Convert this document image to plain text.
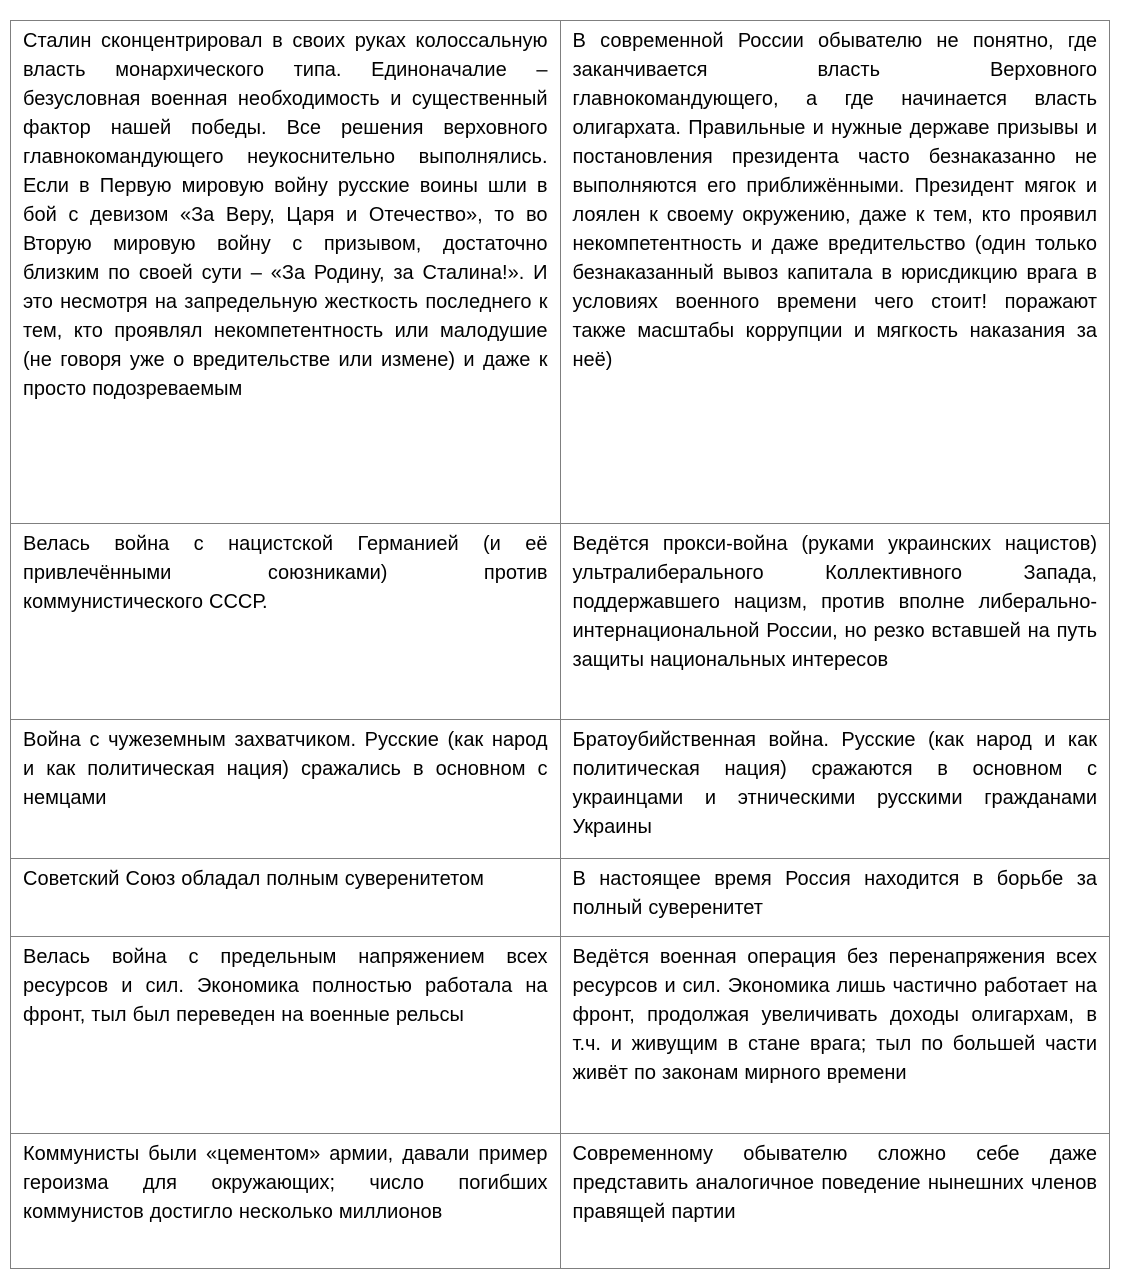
Сталин сконцентрировал в своих руках колоссальную власть монархического типа. Единоначалие – безусловная военная необходимость и существенный фактор нашей победы. Все решения верховного главнокомандующего неукоснительно выполнялись. Если в Первую мировую войну русские воины шли в бой с девизом «За Веру, Царя и Отечество», то во Вторую мировую войну с призывом, достаточно близким по своей сути – «За Родину, за Сталина!». И это несмотря на запредельную жесткость последнего к тем, кто проявлял некомпетентность или малодушие (не говоря уже о вредительстве или измене) и даже к просто подозреваемым	В современной России обывателю не понятно, где заканчивается власть Верховного главнокомандующего, а где начинается власть олигархата. Правильные и нужные державе призывы и постановления президента часто безнаказанно не выполняются его приближёнными. Президент мягок и лоялен к своему окружению, даже к тем, кто проявил некомпетентность и даже вредительство (один только безнаказанный вывоз капитала в юрисдикцию врага в условиях военного времени чего стоит! поражают также масштабы коррупции и мягкость наказания за неё)
Велась война с нацистской Германией (и её привлечёнными союзниками) против коммунистического СССР.	Ведётся прокси-война (руками украинских нацистов) ультралиберального Коллективного Запада, поддержавшего нацизм, против вполне либерально-интернациональной России, но резко вставшей на путь защиты национальных интересов
Война с чужеземным захватчиком. Русские (как народ и как политическая нация) сражались в основном с немцами	Братоубийственная война. Русские (как народ и как политическая нация) сражаются в основном с украинцами и этническими русскими гражданами Украины
Советский Союз обладал полным суверенитетом	В настоящее время Россия находится в борьбе за полный суверенитет
Велась война с предельным напряжением всех ресурсов и сил. Экономика полностью работала на фронт, тыл был переведен на военные рельсы	Ведётся военная операция без перенапряжения всех ресурсов и сил. Экономика лишь частично работает на фронт, продолжая увеличивать доходы олигархам, в т.ч. и живущим в стане врага; тыл по большей части живёт по законам мирного времени
Коммунисты были «цементом» армии, давали пример героизма для окружающих; число погибших коммунистов достигло несколько миллионов	Современному обывателю сложно себе даже представить аналогичное поведение нынешних членов правящей партии
